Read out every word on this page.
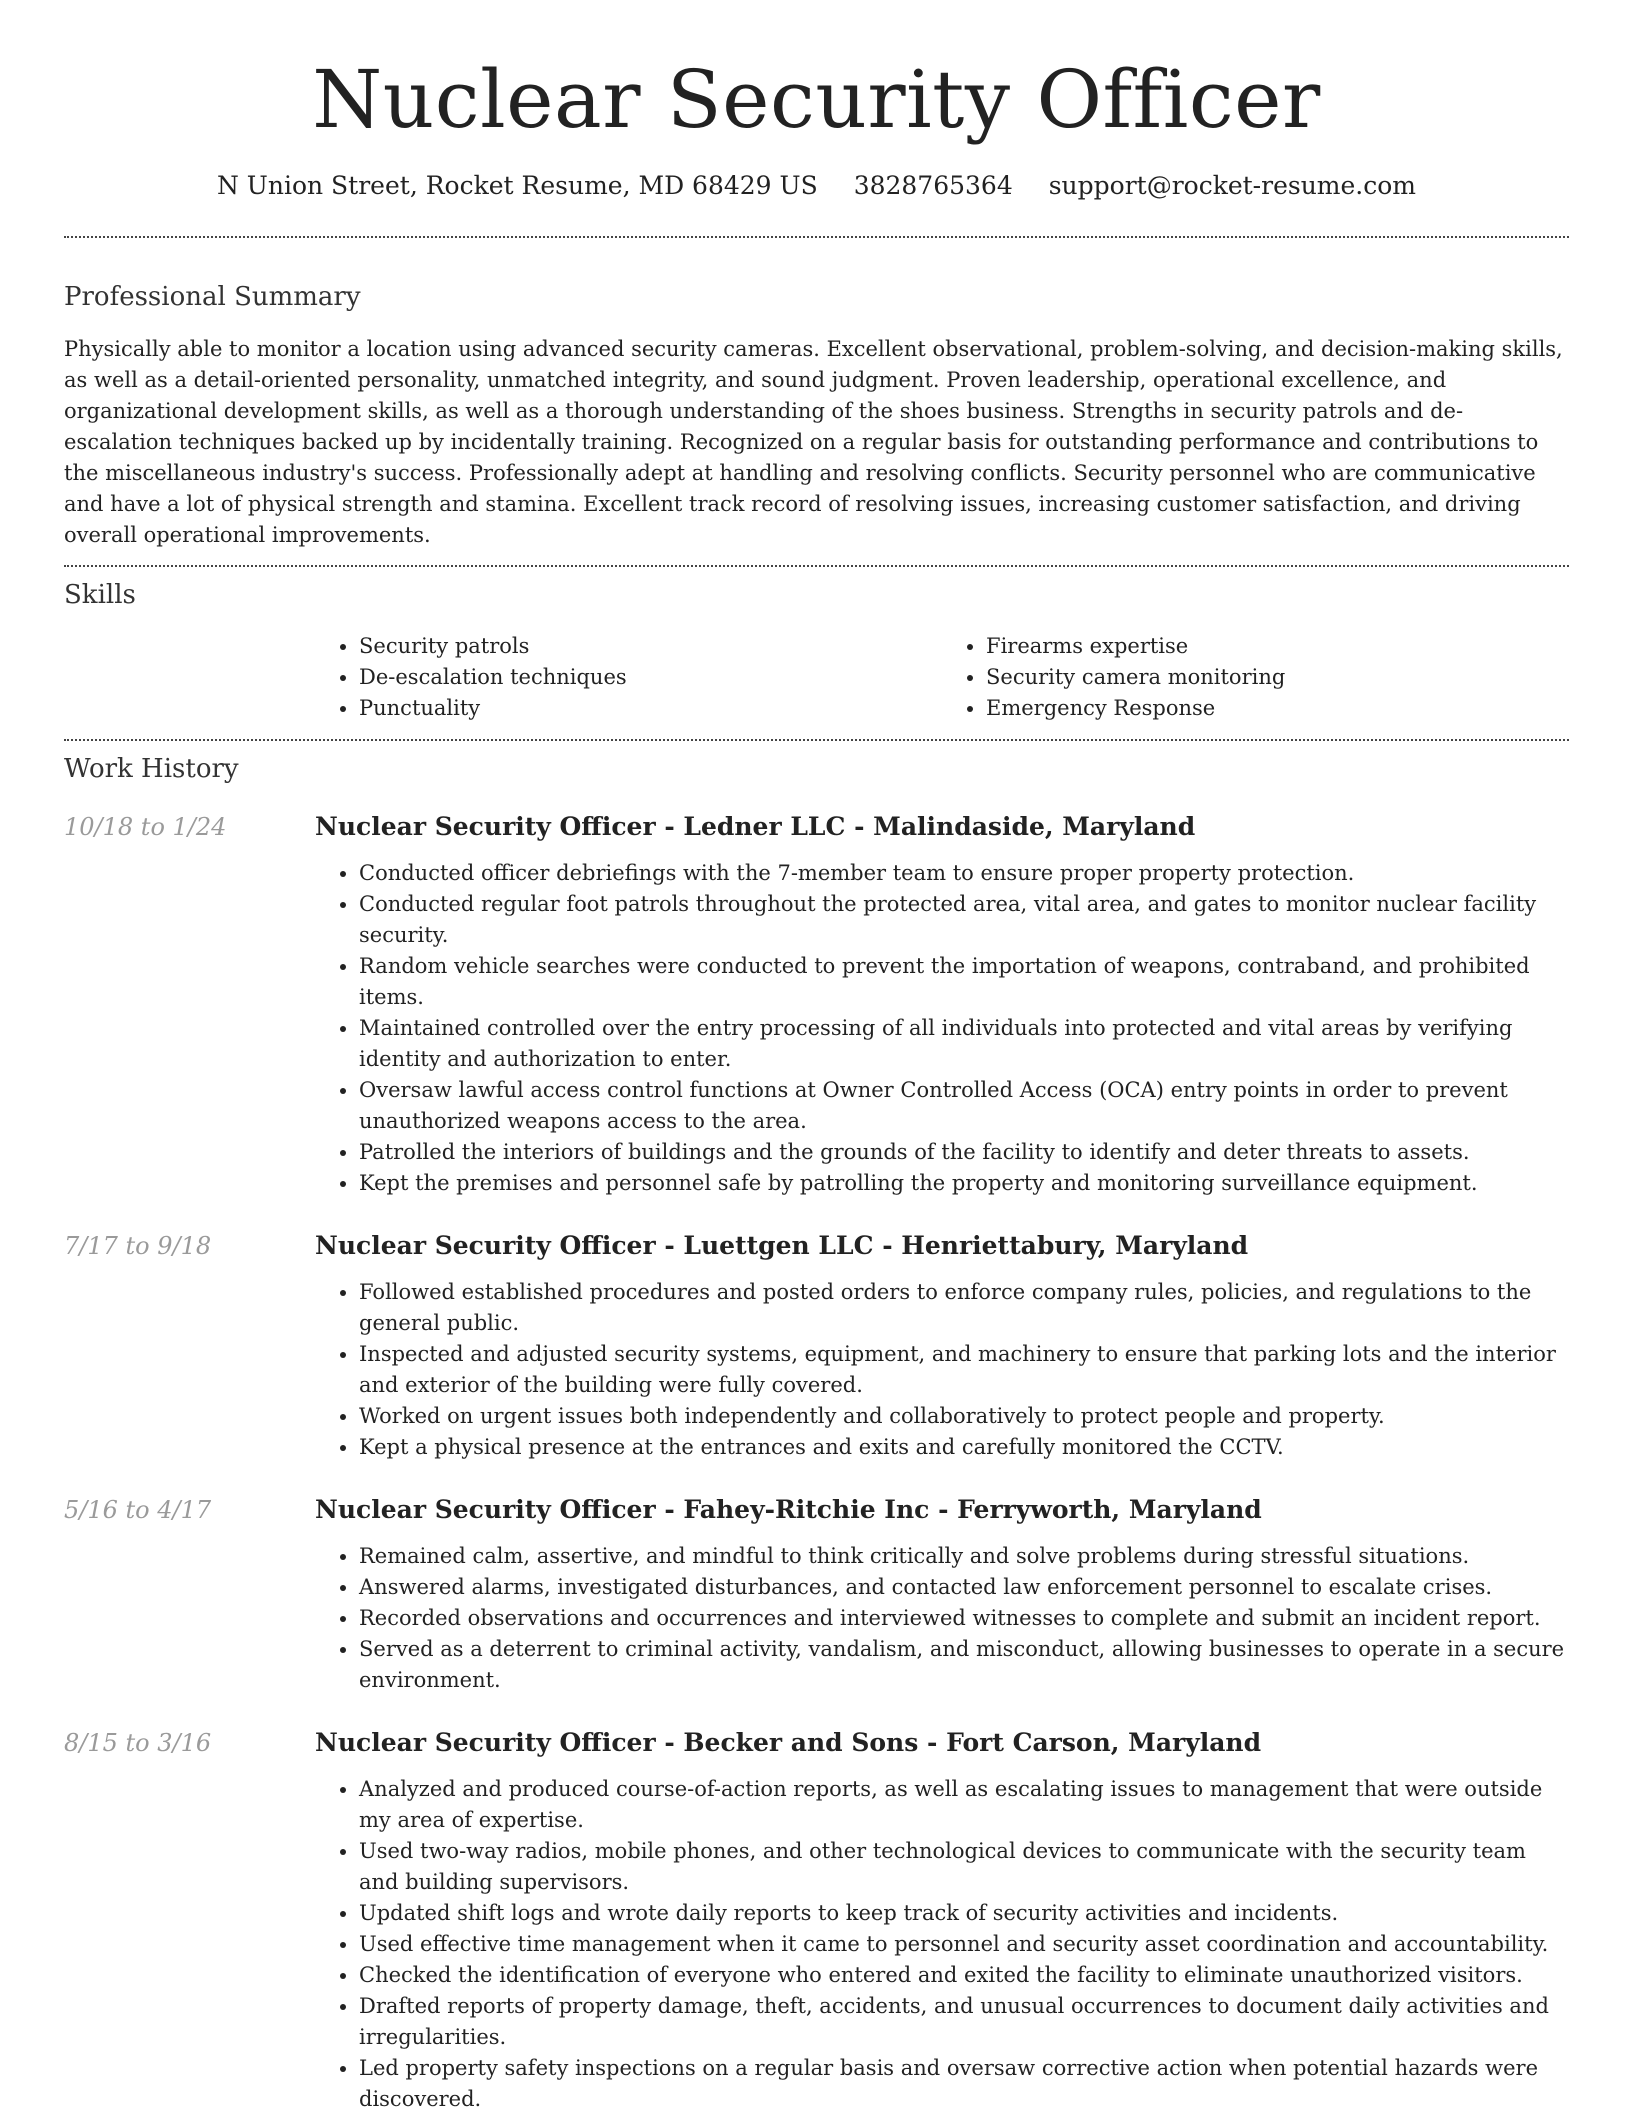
Nuclear Security Officer
N Union Street, Rocket Resume, MD 68429 US 3828765364 support@rocket-resume.com
Professional Summary

Physically able to monitor a location using advanced security cameras. Excellent observational, problem-solving, and decision-making skills, as well as a detail-oriented personality, unmatched integrity, and sound judgment. Proven leadership, operational excellence, and organizational development skills, as well as a thorough understanding of the shoes business. Strengths in security patrols and de-escalation techniques backed up by incidentally training. Recognized on a regular basis for outstanding performance and contributions to the miscellaneous industry's success. Professionally adept at handling and resolving conflicts. Security personnel who are communicative and have a lot of physical strength and stamina. Excellent track record of resolving issues, increasing customer satisfaction, and driving overall operational improvements.

Skills
• Security patrols
• De-escalation techniques
• Punctuality
• Firearms expertise
• Security camera monitoring
• Emergency Response
Work History
10/18 to 1/24	Nuclear Security Officer - Ledner LLC - Malindaside, Maryland
• Conducted officer debriefings with the 7-member team to ensure proper property protection.
• Conducted regular foot patrols throughout the protected area, vital area, and gates to monitor nuclear facility security.
• Random vehicle searches were conducted to prevent the importation of weapons, contraband, and prohibited items.
• Maintained controlled over the entry processing of all individuals into protected and vital areas by verifying identity and authorization to enter.
• Oversaw lawful access control functions at Owner Controlled Access (OCA) entry points in order to prevent unauthorized weapons access to the area.
• Patrolled the interiors of buildings and the grounds of the facility to identify and deter threats to assets.
• Kept the premises and personnel safe by patrolling the property and monitoring surveillance equipment.
7/17 to 9/18	Nuclear Security Officer - Luettgen LLC - Henriettabury, Maryland
• Followed established procedures and posted orders to enforce company rules, policies, and regulations to the general public.
• Inspected and adjusted security systems, equipment, and machinery to ensure that parking lots and the interior and exterior of the building were fully covered.
• Worked on urgent issues both independently and collaboratively to protect people and property.
• Kept a physical presence at the entrances and exits and carefully monitored the CCTV.
5/16 to 4/17	Nuclear Security Officer - Fahey-Ritchie Inc - Ferryworth, Maryland
• Remained calm, assertive, and mindful to think critically and solve problems during stressful situations.
• Answered alarms, investigated disturbances, and contacted law enforcement personnel to escalate crises.
• Recorded observations and occurrences and interviewed witnesses to complete and submit an incident report.
• Served as a deterrent to criminal activity, vandalism, and misconduct, allowing businesses to operate in a secure environment.
8/15 to 3/16	Nuclear Security Officer - Becker and Sons - Fort Carson, Maryland
• Analyzed and produced course-of-action reports, as well as escalating issues to management that were outside my area of expertise.
• Used two-way radios, mobile phones, and other technological devices to communicate with the security team and building supervisors.
• Updated shift logs and wrote daily reports to keep track of security activities and incidents.
• Used effective time management when it came to personnel and security asset coordination and accountability.
• Checked the identification of everyone who entered and exited the facility to eliminate unauthorized visitors.
• Drafted reports of property damage, theft, accidents, and unusual occurrences to document daily activities and irregularities.
• Led property safety inspections on a regular basis and oversaw corrective action when potential hazards were discovered.
